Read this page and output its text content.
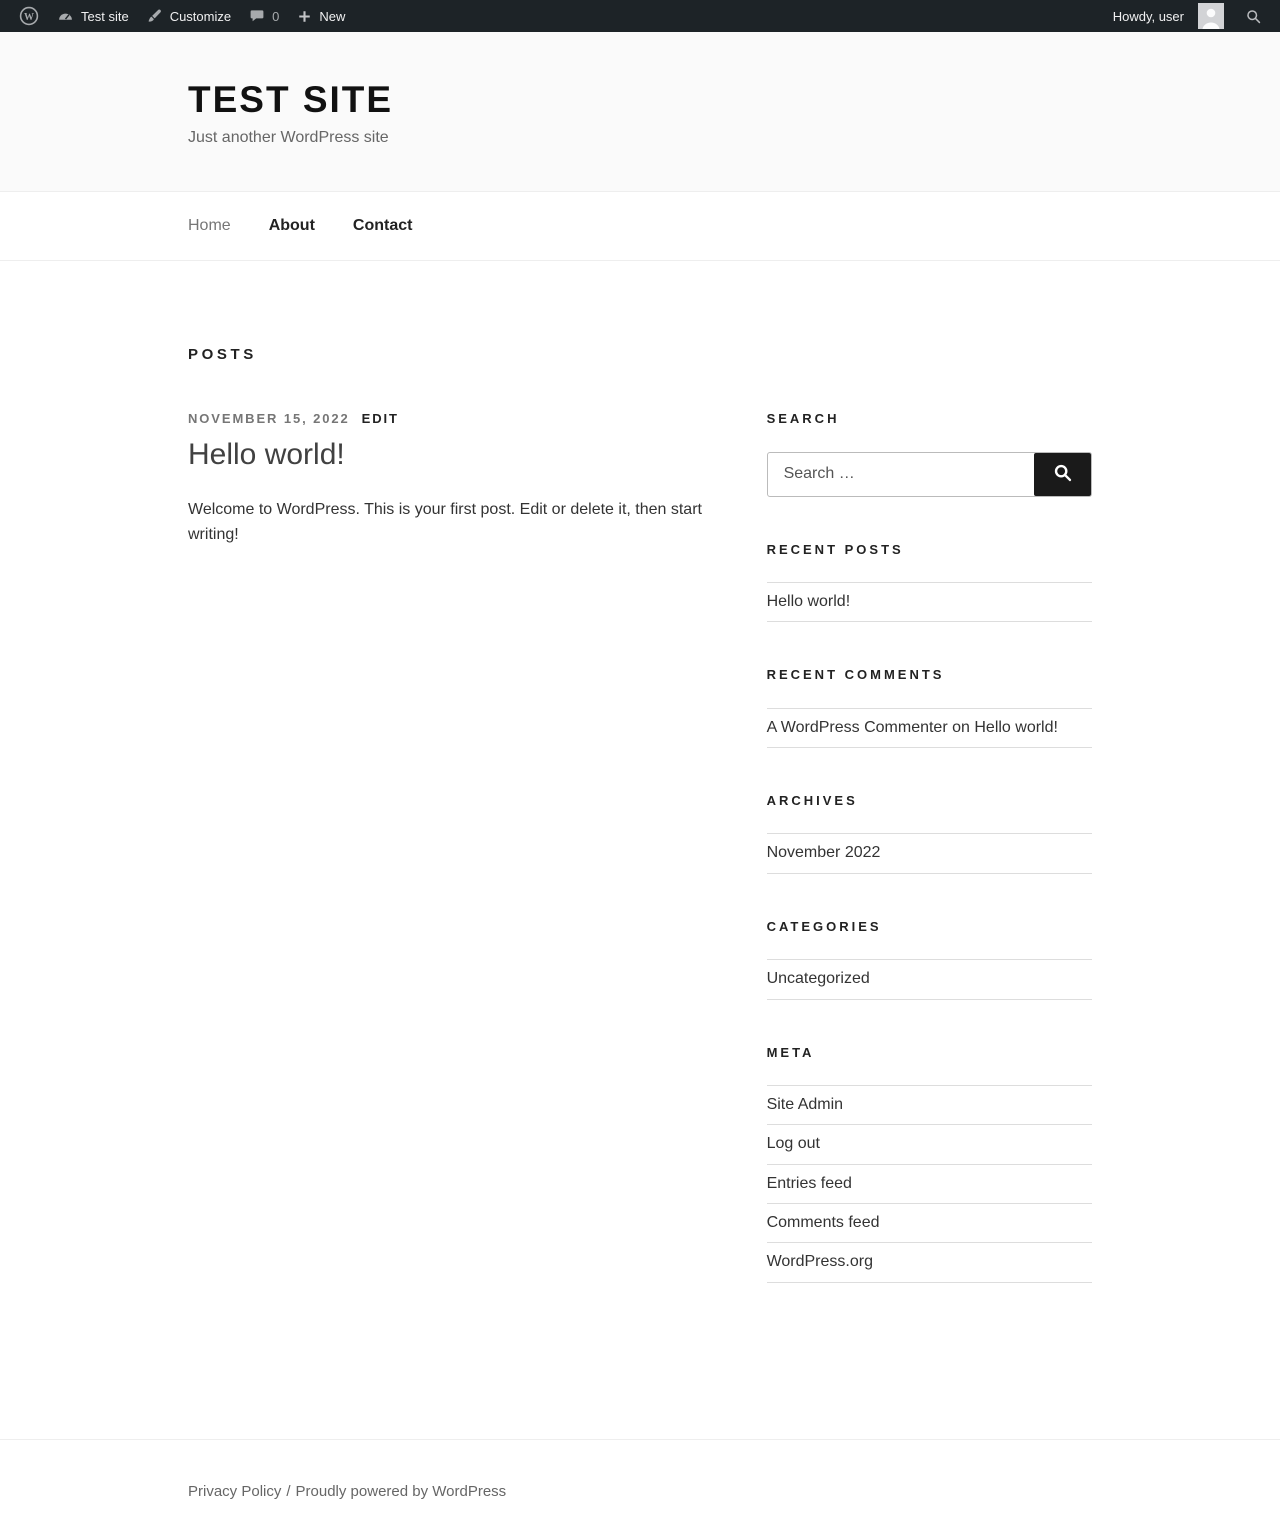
W	Test site	Customize	0	New	Howdy, user
TEST SITE

Just another WordPress site

Home	About	Contact
POSTS
NOVEMBER 15, 2022 EDIT
Hello world!

Welcome to WordPress. This is your first post. Edit or delete it, then start writing!

SEARCH
Search …
RECENT POSTS
Hello world!
RECENT COMMENTS
A WordPress Commenter on Hello world!
ARCHIVES
November 2022
CATEGORIES
Uncategorized
META
Site Admin
Log out
Entries feed
Comments feed
WordPress.org
Privacy Policy / Proudly powered by WordPress
